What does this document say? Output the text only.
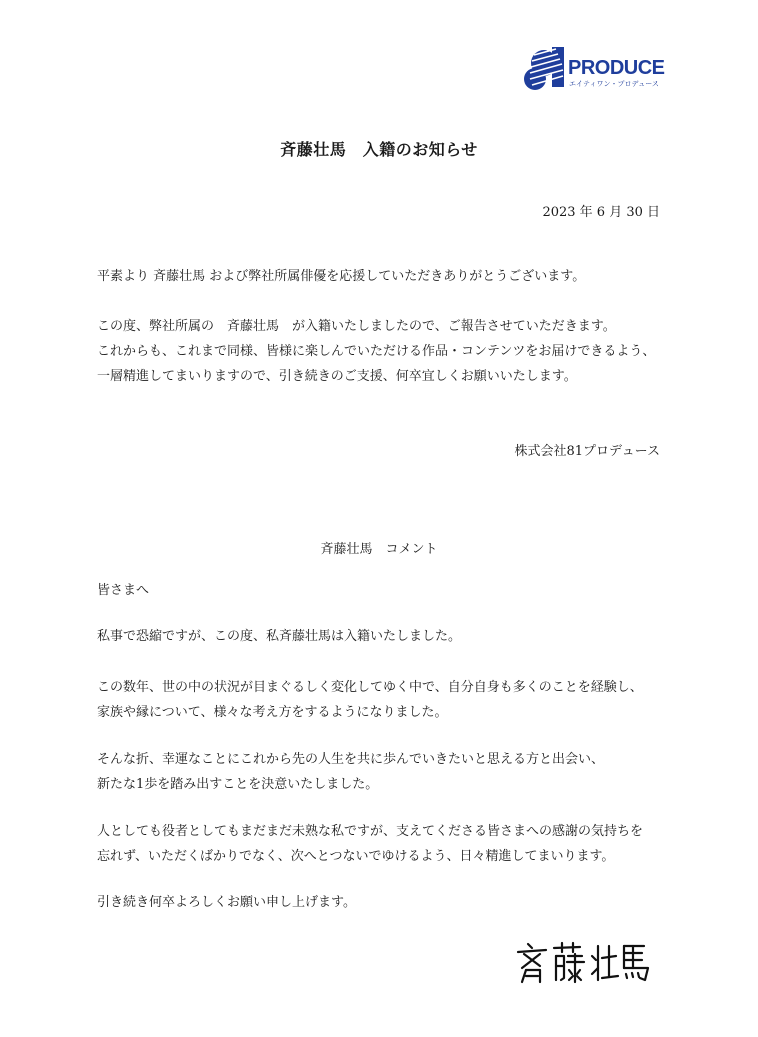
PRODUCE
エイティワン・プロデュース
斉藤壮馬　入籍のお知らせ
2023 年 6 月 30 日
平素より 斉藤壮馬 および弊社所属俳優を応援していただきありがとうございます。
この度、弊社所属の　斉藤壮馬　が入籍いたしましたので、ご報告させていただきます。
これからも、これまで同様、皆様に楽しんでいただける作品・コンテンツをお届けできるよう、
一層精進してまいりますので、引き続きのご支援、何卒宜しくお願いいたします。
株式会社81プロデュース
斉藤壮馬　コメント
皆さまへ
私事で恐縮ですが、この度、私斉藤壮馬は入籍いたしました。
この数年、世の中の状況が目まぐるしく変化してゆく中で、自分自身も多くのことを経験し、
家族や縁について、様々な考え方をするようになりました。
そんな折、幸運なことにこれから先の人生を共に歩んでいきたいと思える方と出会い、
新たな1歩を踏み出すことを決意いたしました。
人としても役者としてもまだまだ未熟な私ですが、支えてくださる皆さまへの感謝の気持ちを
忘れず、いただくばかりでなく、次へとつないでゆけるよう、日々精進してまいります。
引き続き何卒よろしくお願い申し上げます。
